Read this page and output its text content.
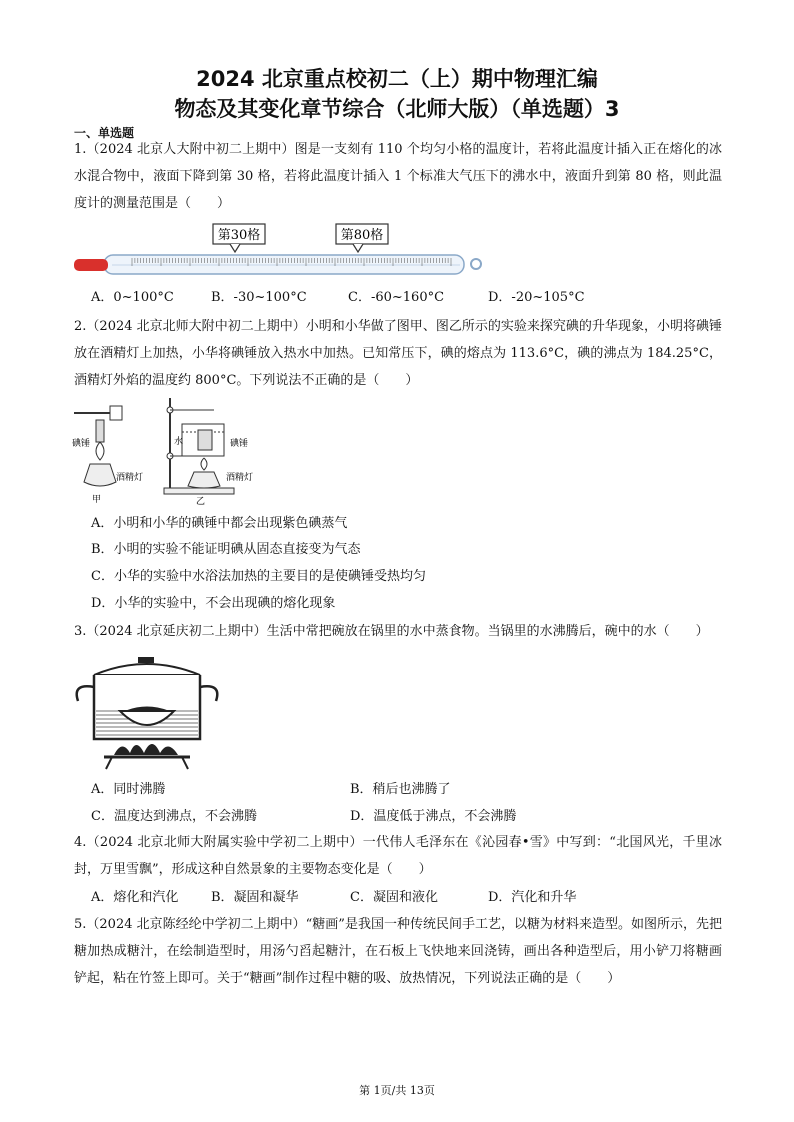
2024 北京重点校初二（上）期中物理汇编
物态及其变化章节综合（北师大版）（单选题）3
一、单选题

1.（2024 北京人大附中初二上期中）图是一支刻有 110 个均匀小格的温度计，若将此温度计插入正在熔化的冰水混合物中，液面下降到第 30 格，若将此温度计插入 1 个标准大气压下的沸水中，液面升到第 80 格，则此温度计的测量范围是（　　）

第30格	第80格
A．0~100°C	B．-30~100°C	C．-60~160°C	D．-20~105°C

2.（2024 北京北师大附中初二上期中）小明和小华做了图甲、图乙所示的实验来探究碘的升华现象，小明将碘锤放在酒精灯上加热，小华将碘锤放入热水中加热。已知常压下，碘的熔点为 113.6°C，碘的沸点为 184.25°C，酒精灯外焰的温度约 800°C。下列说法不正确的是（　　）

碘锤
酒精灯
甲
水	碘锤
酒精灯
乙
A．小明和小华的碘锤中都会出现紫色碘蒸气
B．小明的实验不能证明碘从固态直接变为气态
C．小华的实验中水浴法加热的主要目的是使碘锤受热均匀
D．小华的实验中，不会出现碘的熔化现象

3.（2024 北京延庆初二上期中）生活中常把碗放在锅里的水中蒸食物。当锅里的水沸腾后，碗中的水（　　）

A．同时沸腾	B．稍后也沸腾了
C．温度达到沸点，不会沸腾	D．温度低于沸点，不会沸腾

4.（2024 北京北师大附属实验中学初二上期中）一代伟人毛泽东在《沁园春•雪》中写到：“北国风光，千里冰封，万里雪飘”，形成这种自然景象的主要物态变化是（　　）

A．熔化和汽化	B．凝固和凝华	C．凝固和液化	D．汽化和升华

5.（2024 北京陈经纶中学初二上期中）“糖画”是我国一种传统民间手工艺，以糖为材料来造型。如图所示，先把糖加热成糖汁，在绘制造型时，用汤勺舀起糖汁，在石板上飞快地来回浇铸，画出各种造型后，用小铲刀将糖画铲起，粘在竹签上即可。关于“糖画”制作过程中糖的吸、放热情况，下列说法正确的是（　　）

第 1页/共 13页
